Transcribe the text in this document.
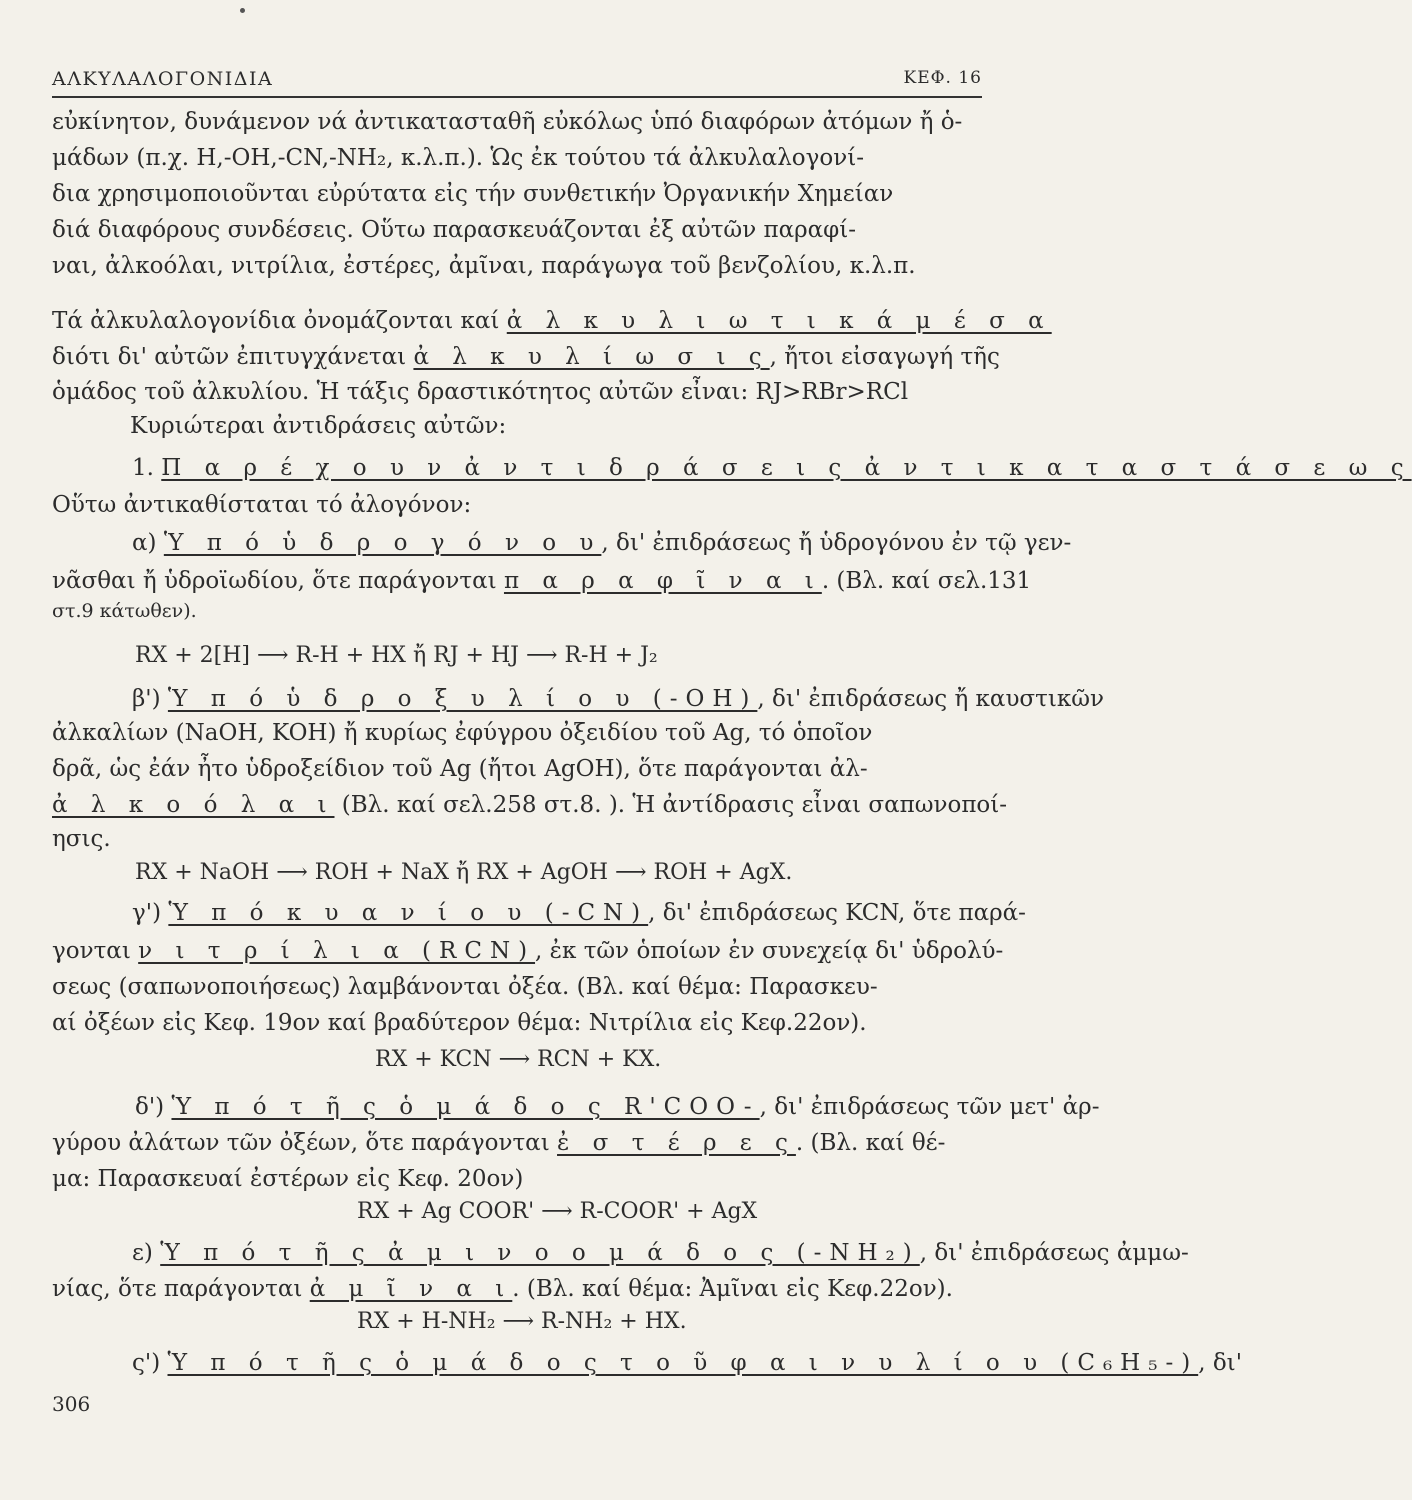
ΑΛΚΥΛΑΛΟΓΟΝΙΔΙΑ	ΚΕΦ. 16
εὐκίνητον, δυνάμενον νά ἀντικατασταθῆ εὐκόλως ὑπό διαφόρων ἀτόμων ἤ ὁ-
μάδων (π.χ. Η,-ΟΗ,-CN,-NH₂, κ.λ.π.). Ὡς ἐκ τούτου τά ἀλκυλαλογονί-
δια χρησιμοποιοῦνται εὐρύτατα εἰς τήν συνθετικήν Ὀργανικήν Χημείαν
διά διαφόρους συνδέσεις. Οὕτω παρασκευάζονται ἐξ αὐτῶν παραφί-
ναι, ἀλκοόλαι, νιτρίλια, ἐστέρες, ἀμῖναι, παράγωγα τοῦ βενζολίου, κ.λ.π.
Τά ἀλκυλαλογονίδια ὀνομάζονται καί ἀ λ κ υ λ ι ω τ ι κ ά μ έ σ α
διότι δι' αὐτῶν ἐπιτυγχάνεται ἀ λ κ υ λ ί ω σ ι ς, ἤτοι εἰσαγωγή τῆς
ὁμάδος τοῦ ἀλκυλίου. Ἡ τάξις δραστικότητος αὐτῶν εἶναι: RJ>RBr>RCl
Κυριώτεραι ἀντιδράσεις αὐτῶν:
1. Π α ρ έ χ ο υ ν ἀ ν τ ι δ ρ ά σ ε ι ς ἀ ν τ ι κ α τ α σ τ ά σ ε ω ς
Οὕτω ἀντικαθίσταται τό ἀλογόνον:
α) Ὑ π ό ὑ δ ρ ο γ ό ν ο υ, δι' ἐπιδράσεως ἤ ὑδρογόνου ἐν τῷ γεν-
νᾶσθαι ἤ ὑδροϊωδίου, ὅτε παράγονται π α ρ α φ ῖ ν α ι. (Βλ. καί σελ.131
στ.9 κάτωθεν).
RX + 2[H] ⟶ R-H + HX ἤ RJ + HJ ⟶ R-H + J₂
β') Ὑ π ό ὑ δ ρ ο ξ υ λ ί ο υ (-ΟΗ), δι' ἐπιδράσεως ἤ καυστικῶν
ἀλκαλίων (NaOH, KOH) ἤ κυρίως ἐφύγρου ὀξειδίου τοῦ Ag, τό ὁποῖον
δρᾶ, ὡς ἐάν ἦτο ὑδροξείδιον τοῦ Ag (ἤτοι AgOH), ὅτε παράγονται ἀλ-
ἀ λ κ ο ό λ α ι (Βλ. καί σελ.258 στ.8. ). Ἡ ἀντίδρασις εἶναι σαπωνοποί-
ησις.
RX + NaOH ⟶ ROH + NaX ἤ RX + AgOH ⟶ ROH + AgX.
γ') Ὑ π ό κ υ α ν ί ο υ (-CN), δι' ἐπιδράσεως KCN, ὅτε παρά-
γονται ν ι τ ρ ί λ ι α (RCN), ἐκ τῶν ὁποίων ἐν συνεχείᾳ δι' ὑδρολύ-
σεως (σαπωνοποιήσεως) λαμβάνονται ὀξέα. (Βλ. καί θέμα: Παρασκευ-
αί ὀξέων εἰς Κεφ. 19ον καί βραδύτερον θέμα: Νιτρίλια εἰς Κεφ.22ον).
RX + KCN ⟶ RCN + KX.
δ') Ὑ π ό τ ῆ ς ὁ μ ά δ ο ς R'COO-, δι' ἐπιδράσεως τῶν μετ' ἀρ-
γύρου ἀλάτων τῶν ὀξέων, ὅτε παράγονται ἐ σ τ έ ρ ε ς. (Βλ. καί θέ-
μα: Παρασκευαί ἐστέρων εἰς Κεφ. 20ον)
RX + Ag COOR' ⟶ R-COOR' + AgX
ε) Ὑ π ό τ ῆ ς ἀ μ ι ν ο ο μ ά δ ο ς (-NH₂), δι' ἐπιδράσεως ἀμμω-
νίας, ὅτε παράγονται ἀ μ ῖ ν α ι. (Βλ. καί θέμα: Ἀμῖναι εἰς Κεφ.22ον).
RX + H-NH₂ ⟶ R-NH₂ + HX.
ς') Ὑ π ό τ ῆ ς ὁ μ ά δ ο ς τ ο ῦ φ α ι ν υ λ ί ο υ (C₆H₅-), δι'
306
